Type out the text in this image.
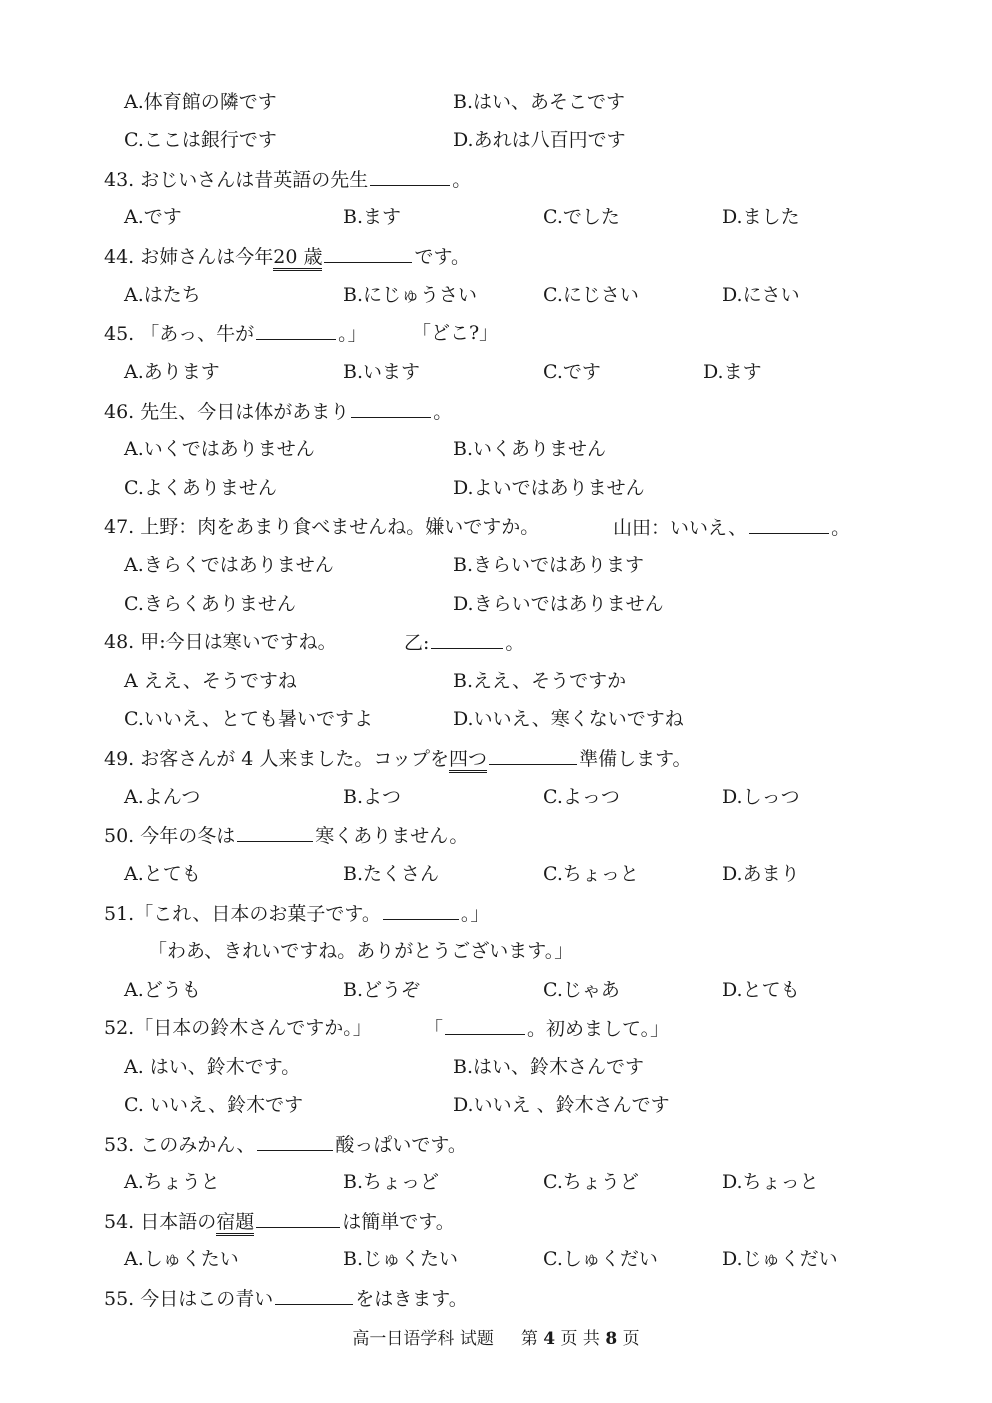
A.体育館の隣です	B.はい、あそこです
C.ここは銀行です	D.あれは八百円です
43. おじいさんは昔英語の先生	。
A.です	B.ます	C.でした	D.ました
44. お姉さんは今年20 歳	です。
A.はたち	B.にじゅうさい	C.にじさい	D.にさい
45. 「あっ、牛が	。」 「どこ?」
A.あります	B.います	C.です	D.ます
46. 先生、今日は体があまり	。
A.いくではありません	B.いくありません
C.よくありません	D.よいではありません
47. 上野：肉をあまり食べませんね。嫌いですか。	山田：いいえ、	。
A.きらくではありません	B.きらいではあります
C.きらくありません	D.きらいではありません
48. 甲:今日は寒いですね。	乙:	。
A ええ、そうですね	B.ええ、そうですか
C.いいえ、とても暑いですよ	D.いいえ、寒くないですね
49. お客さんが 4 人来ました。コップを四つ	準備します。
A.よんつ	B.よつ	C.よっつ	D.しっつ
50. 今年の冬は	寒くありません。
A.とても	B.たくさん	C.ちょっと	D.あまり
51.「これ、日本のお菓子です。	。」
「わあ、きれいですね。ありがとうございます。」
A.どうも	B.どうぞ	C.じゃあ	D.とても
52.「日本の鈴木さんですか。」	「	。初めまして。」
A. はい、鈴木です。	B.はい、鈴木さんです
C. いいえ、鈴木です	D.いいえ 、鈴木さんです
53. このみかん、	酸っぱいです。
A.ちょうと	B.ちょっど	C.ちょうど	D.ちょっと
54. 日本語の宿題	は簡単です。
A.しゅくたい	B.じゅくたい	C.しゅくだい	D.じゅくだい
55. 今日はこの青い	をはきます。
高一日语学科 试题 第 4 页 共 8 页
